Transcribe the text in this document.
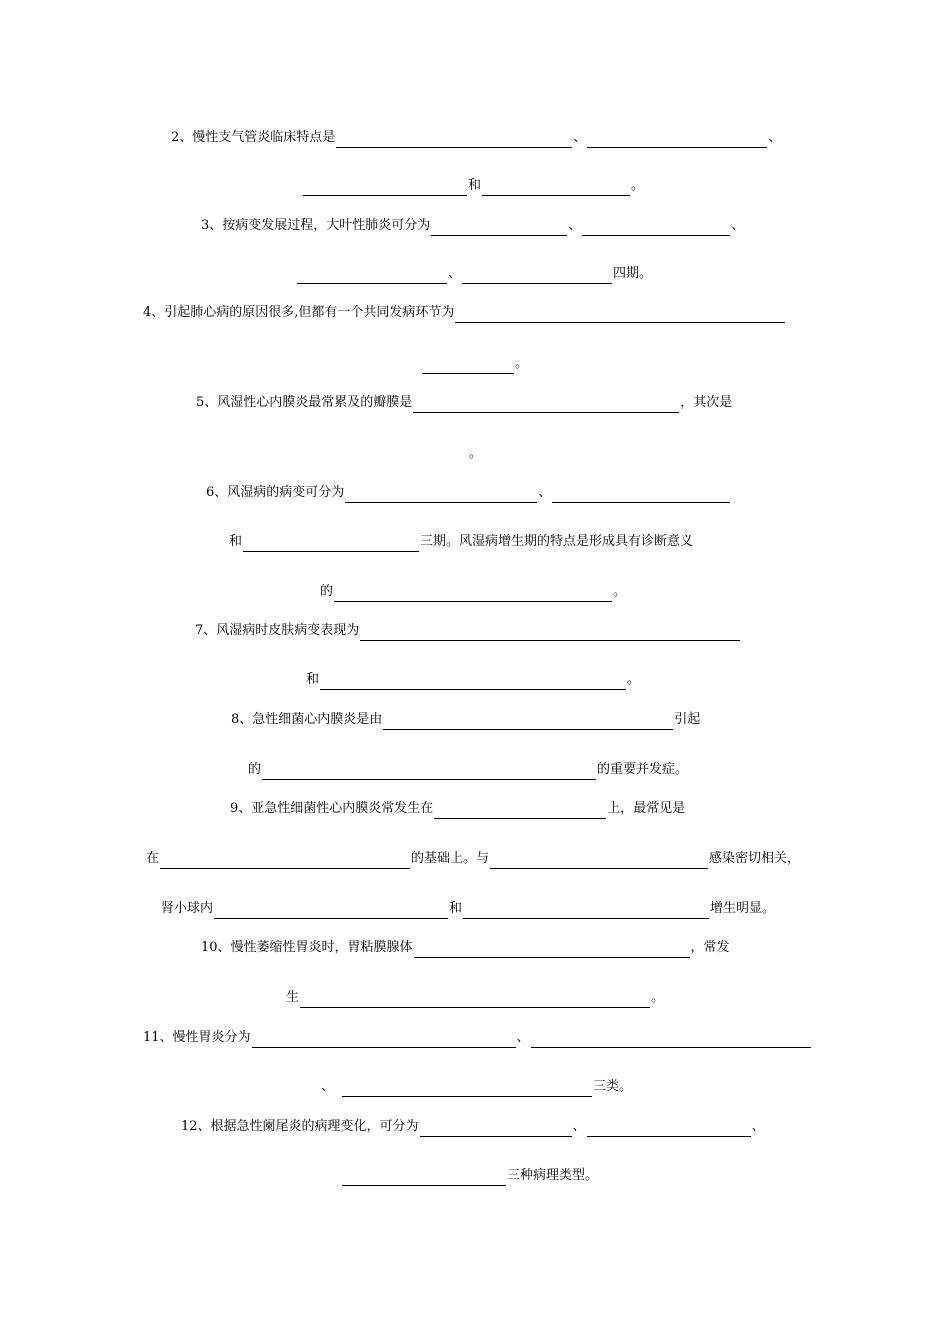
2、慢性支气管炎临床特点是	、	、
和	。
3、按病变发展过程，大叶性肺炎可分为	、	、
、	四期。
4、引起肺心病的原因很多,但都有一个共同发病环节为
。
5、风湿性心内膜炎最常累及的瓣膜是	，其次是
。
6、风湿病的病变可分为	、
和	三期。风湿病增生期的特点是形成具有诊断意义
的	。
7、风湿病时皮肤病变表现为
和	。
8、急性细菌心内膜炎是由	引起
的	的重要并发症。
9、亚急性细菌性心内膜炎常发生在	上，最常见是
在	的基础上。与	感染密切相关，
肾小球内	和	增生明显。
10、慢性萎缩性胃炎时，胃粘膜腺体	，常发
生	。
11、慢性胃炎分为	、
、	三类。
12、根据急性阑尾炎的病理变化，可分为	、	、
三种病理类型。
